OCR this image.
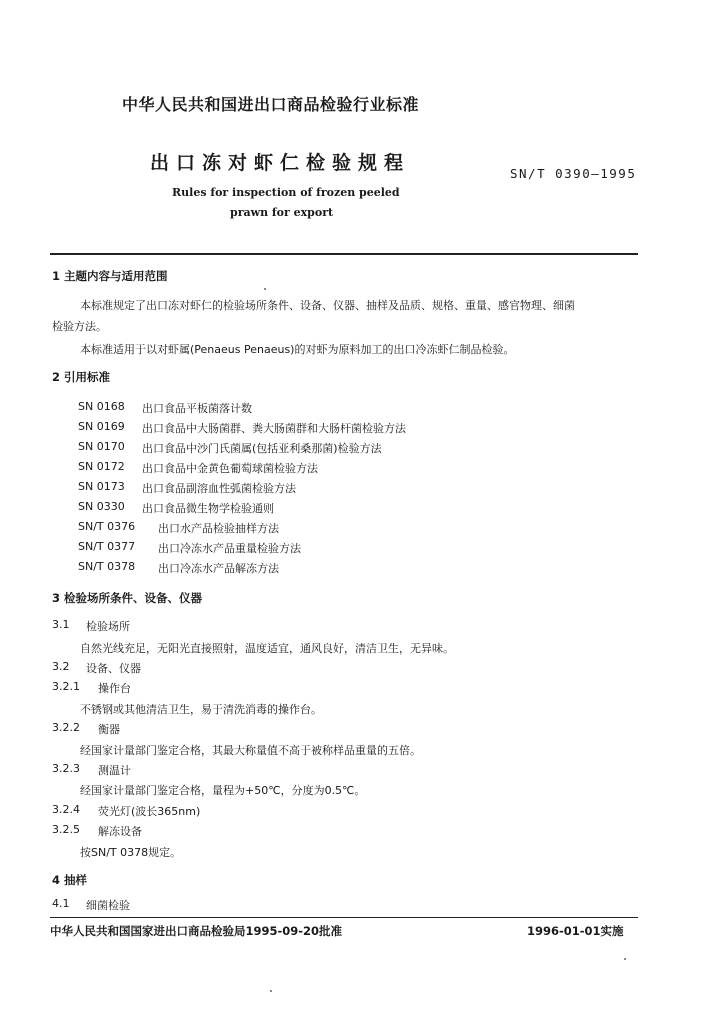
中华人民共和国进出口商品检验行业标准
出口冻对虾仁检验规程	SN/T 0390—1995
Rules for inspection of frozen peeled
prawn for export
1 主题内容与适用范围
本标准规定了出口冻对虾仁的检验场所条件、设备、仪器、抽样及品质、规格、重量、感官物理、细菌
检验方法。
本标准适用于以对虾属(Penaeus Penaeus)的对虾为原料加工的出口冷冻虾仁制品检验。
2 引用标准
SN 0168 出口食品平板菌落计数
SN 0169 出口食品中大肠菌群、粪大肠菌群和大肠杆菌检验方法
SN 0170 出口食品中沙门氏菌属(包括亚利桑那菌)检验方法
SN 0172 出口食品中金黄色葡萄球菌检验方法
SN 0173 出口食品副溶血性弧菌检验方法
SN 0330 出口食品微生物学检验通则
SN/T 0376 出口水产品检验抽样方法
SN/T 0377 出口冷冻水产品重量检验方法
SN/T 0378 出口冷冻水产品解冻方法
3 检验场所条件、设备、仪器
3.1 检验场所
自然光线充足，无阳光直接照射，温度适宜，通风良好，清洁卫生，无异味。
3.2 设备、仪器
3.2.1 操作台
不锈钢或其他清洁卫生，易于清洗消毒的操作台。
3.2.2 衡器
经国家计量部门鉴定合格，其最大称量值不高于被称样品重量的五倍。
3.2.3 测温计
经国家计量部门鉴定合格，量程为+50℃，分度为0.5℃。
3.2.4 荧光灯(波长365nm)
3.2.5 解冻设备
按SN/T 0378规定。
4 抽样
4.1 细菌检验
中华人民共和国国家进出口商品检验局1995-09-20批准	1996-01-01实施
